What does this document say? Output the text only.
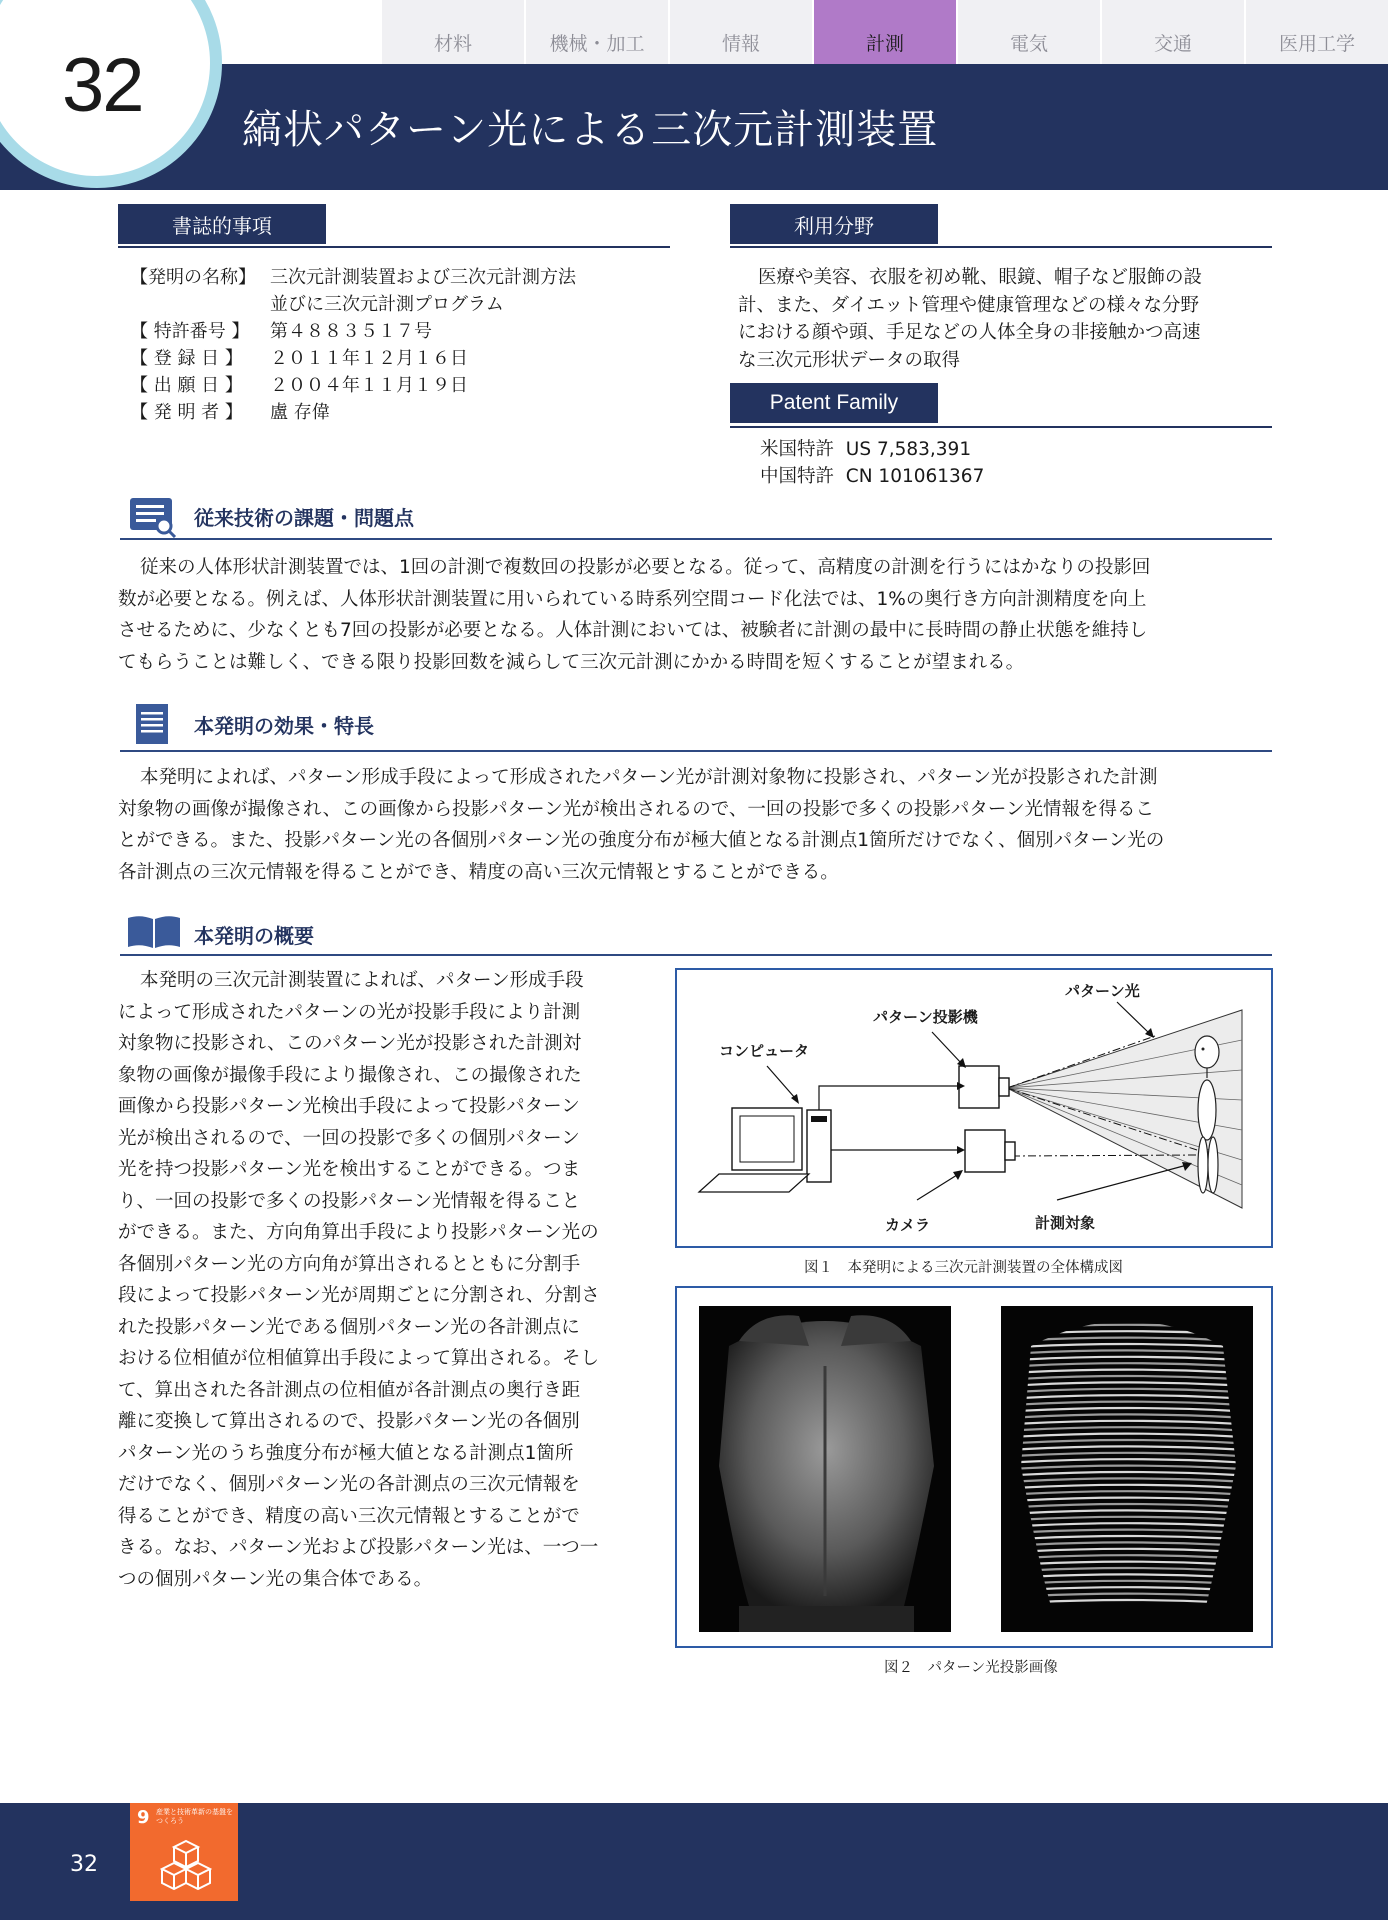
材料	機械・加工	情報	計測	電気	交通	医用工学
32
縞状パターン光による三次元計測装置
書誌的事項
【発明の名称】 三次元計測装置および三次元計測方法
並びに三次元計測プログラム
【 特許番号 】 第４８８３５１７号
【 登 録 日 】 ２０１１年１２月１６日
【 出 願 日 】 ２００４年１１月１９日
【 発 明 者 】 盧 存偉
利用分野
医療や美容、衣服を初め靴、眼鏡、帽子など服飾の設
計、また、ダイエット管理や健康管理などの様々な分野
における顔や頭、手足などの人体全身の非接触かつ高速
な三次元形状データの取得
Patent Family
米国特許 US 7,583,391
中国特許 CN 101061367
従来技術の課題・問題点
従来の人体形状計測装置では、1回の計測で複数回の投影が必要となる。従って、高精度の計測を行うにはかなりの投影回
数が必要となる。例えば、人体形状計測装置に用いられている時系列空間コード化法では、1%の奥行き方向計測精度を向上
させるために、少なくとも7回の投影が必要となる。人体計測においては、被験者に計測の最中に長時間の静止状態を維持し
てもらうことは難しく、できる限り投影回数を減らして三次元計測にかかる時間を短くすることが望まれる。
本発明の効果・特長
本発明によれば、パターン形成手段によって形成されたパターン光が計測対象物に投影され、パターン光が投影された計測
対象物の画像が撮像され、この画像から投影パターン光が検出されるので、一回の投影で多くの投影パターン光情報を得るこ
とができる。また、投影パターン光の各個別パターン光の強度分布が極大値となる計測点1箇所だけでなく、個別パターン光の
各計測点の三次元情報を得ることができ、精度の高い三次元情報とすることができる。
本発明の概要
本発明の三次元計測装置によれば、パターン形成手段
によって形成されたパターンの光が投影手段により計測
対象物に投影され、このパターン光が投影された計測対
象物の画像が撮像手段により撮像され、この撮像された
画像から投影パターン光検出手段によって投影パターン
光が検出されるので、一回の投影で多くの個別パターン
光を持つ投影パターン光を検出することができる。つま
り、一回の投影で多くの投影パターン光情報を得ること
ができる。また、方向角算出手段により投影パターン光の
各個別パターン光の方向角が算出されるとともに分割手
段によって投影パターン光が周期ごとに分割され、分割さ
れた投影パターン光である個別パターン光の各計測点に
おける位相値が位相値算出手段によって算出される。そし
て、算出された各計測点の位相値が各計測点の奥行き距
離に変換して算出されるので、投影パターン光の各個別
パターン光のうち強度分布が極大値となる計測点1箇所
だけでなく、個別パターン光の各計測点の三次元情報を
得ることができ、精度の高い三次元情報とすることがで
きる。なお、パターン光および投影パターン光は、一つ一
つの個別パターン光の集合体である。
パターン光
パターン投影機
コンピュータ
カメラ	計測対象
図１　本発明による三次元計測装置の全体構成図
図２　パターン光投影画像
32
9 産業と技術革新の基盤をつくろう
